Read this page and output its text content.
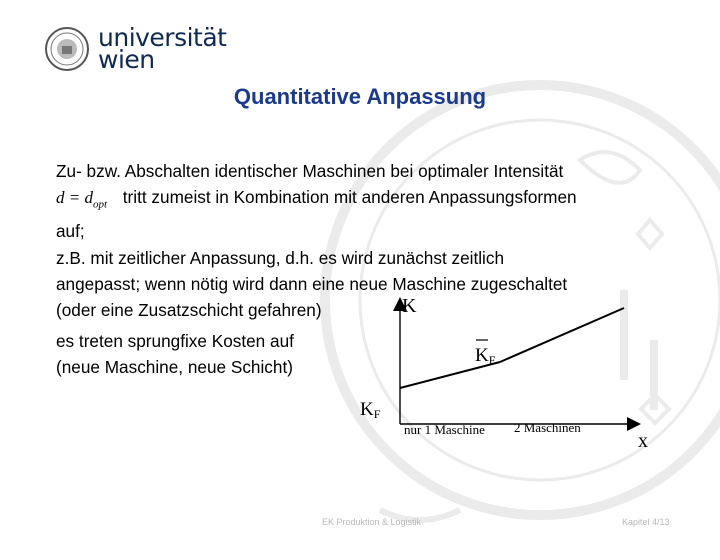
universität
wien
Quantitative Anpassung

Zu- bzw. Abschalten identischer Maschinen bei optimaler Intensität
$d = d_{opt}$ tritt zumeist in Kombination mit anderen Anpassungsformen
auf;

z.B. mit zeitlicher Anpassung, d.h. es wird zunächst zeitlich
angepasst; wenn nötig wird dann eine neue Maschine zugeschaltet
(oder eine Zusatzschicht gefahren)

es treten sprungfixe Kosten auf
(neue Maschine, neue Schicht)

K
KF
KF
nur 1 Maschine 2 Maschinen
x
EK Produktion & Logistik	Kapitel 4/13
